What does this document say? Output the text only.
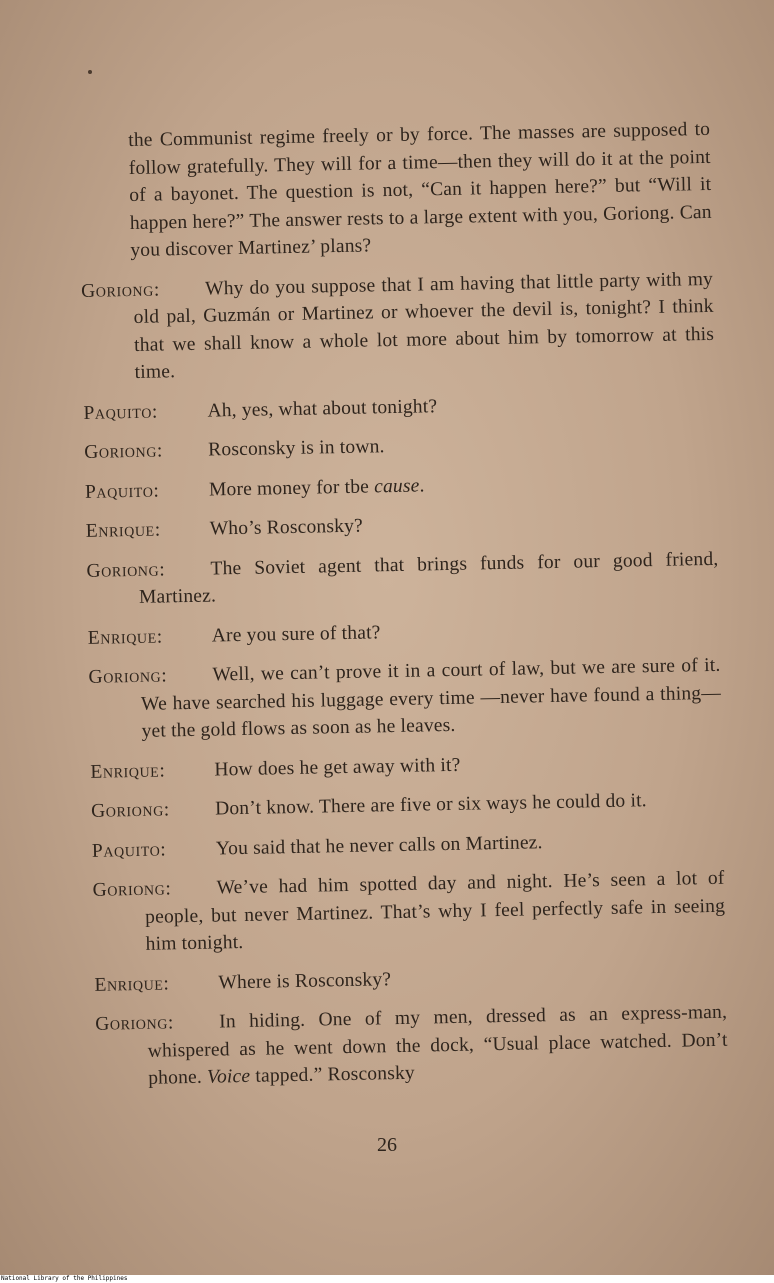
the Communist regime freely or by force. The masses are supposed to follow gratefully. They will for a time—then they will do it at the point of a bayonet. The question is not, “Can it happen here?” but “Will it happen here?” The answer rests to a large extent with you, Goriong. Can you discover Martinez’ plans?

Goriong: Why do you suppose that I am having that little party with my old pal, Guzmán or Martinez or whoever the devil is, tonight? I think that we shall know a whole lot more about him by tomorrow at this time.

Paquito:	Ah, yes, what about tonight?

Goriong: Rosconsky is in town.

Paquito:	More money for tbe cause.

Enrique: Who’s Rosconsky?

Goriong: The Soviet agent that brings funds for our good friend, Martinez.

Enrique: Are you sure of that?

Goriong: Well, we can’t prove it in a court of law, but we are sure of it. We have searched his luggage every time —never have found a thing—yet the gold flows as soon as he leaves.

Enrique: How does he get away with it?

Goriong: Don’t know. There are five or six ways he could do it.

Paquito:	You said that he never calls on Martinez.

Goriong: We’ve had him spotted day and night. He’s seen a lot of people, but never Martinez. That’s why I feel perfectly safe in seeing him tonight.

Enrique: Where is Rosconsky?

Goriong: In hiding. One of my men, dressed as an express-man, whispered as he went down the dock, “Usual place watched. Don’t phone. Voice tapped.” Rosconsky

26
National Library of the Philippines
